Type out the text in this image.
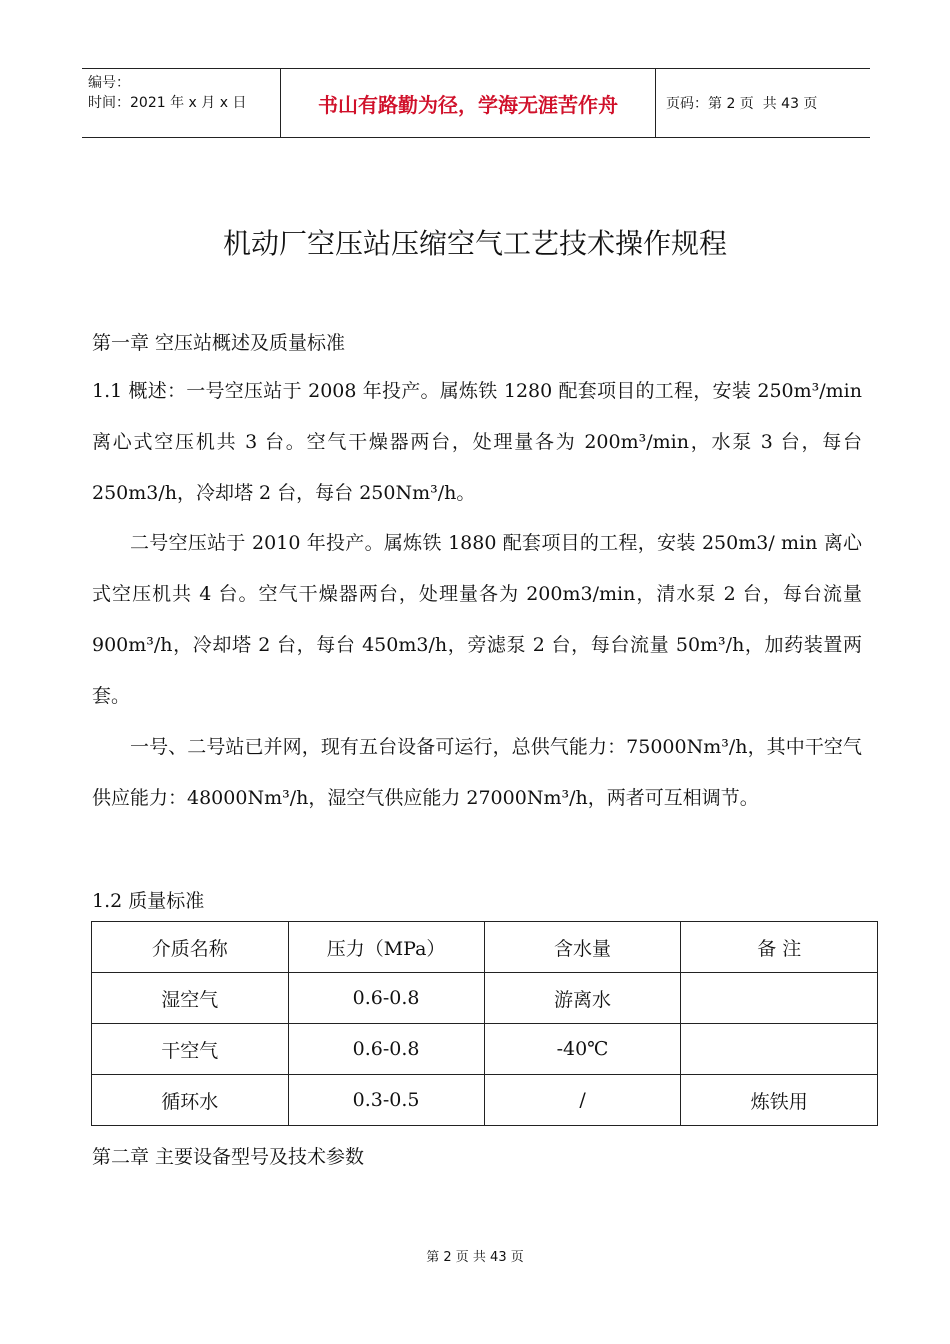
编号：
时间：2021 年 x 月 x 日	书山有路勤为径，学海无涯苦作舟	页码：第 2 页  共 43 页
机动厂空压站压缩空气工艺技术操作规程
第一章 空压站概述及质量标准
1.1 概述：一号空压站于 2008 年投产。属炼铁 1280 配套项目的工程，安装 250m³/min 离心式空压机共 3 台。空气干燥器两台，处理量各为 200m³/min，水泵 3 台，每台 250m3/h，冷却塔 2 台，每台 250Nm³/h。
二号空压站于 2010 年投产。属炼铁 1880 配套项目的工程，安装 250m3/ min 离心式空压机共 4 台。空气干燥器两台，处理量各为 200m3/min，清水泵 2 台，每台流量 900m³/h，冷却塔 2 台，每台 450m3/h，旁滤泵 2 台，每台流量 50m³/h，加药装置两套。
一号、二号站已并网，现有五台设备可运行，总供气能力：75000Nm³/h，其中干空气供应能力：48000Nm³/h，湿空气供应能力 27000Nm³/h，两者可互相调节。
1.2 质量标准
介质名称	压力（MPa）	含水量	备 注
湿空气	0.6-0.8	游离水	
干空气	0.6-0.8	-40℃	
循环水	0.3-0.5	/	炼铁用
第二章 主要设备型号及技术参数
第 2 页 共 43 页
